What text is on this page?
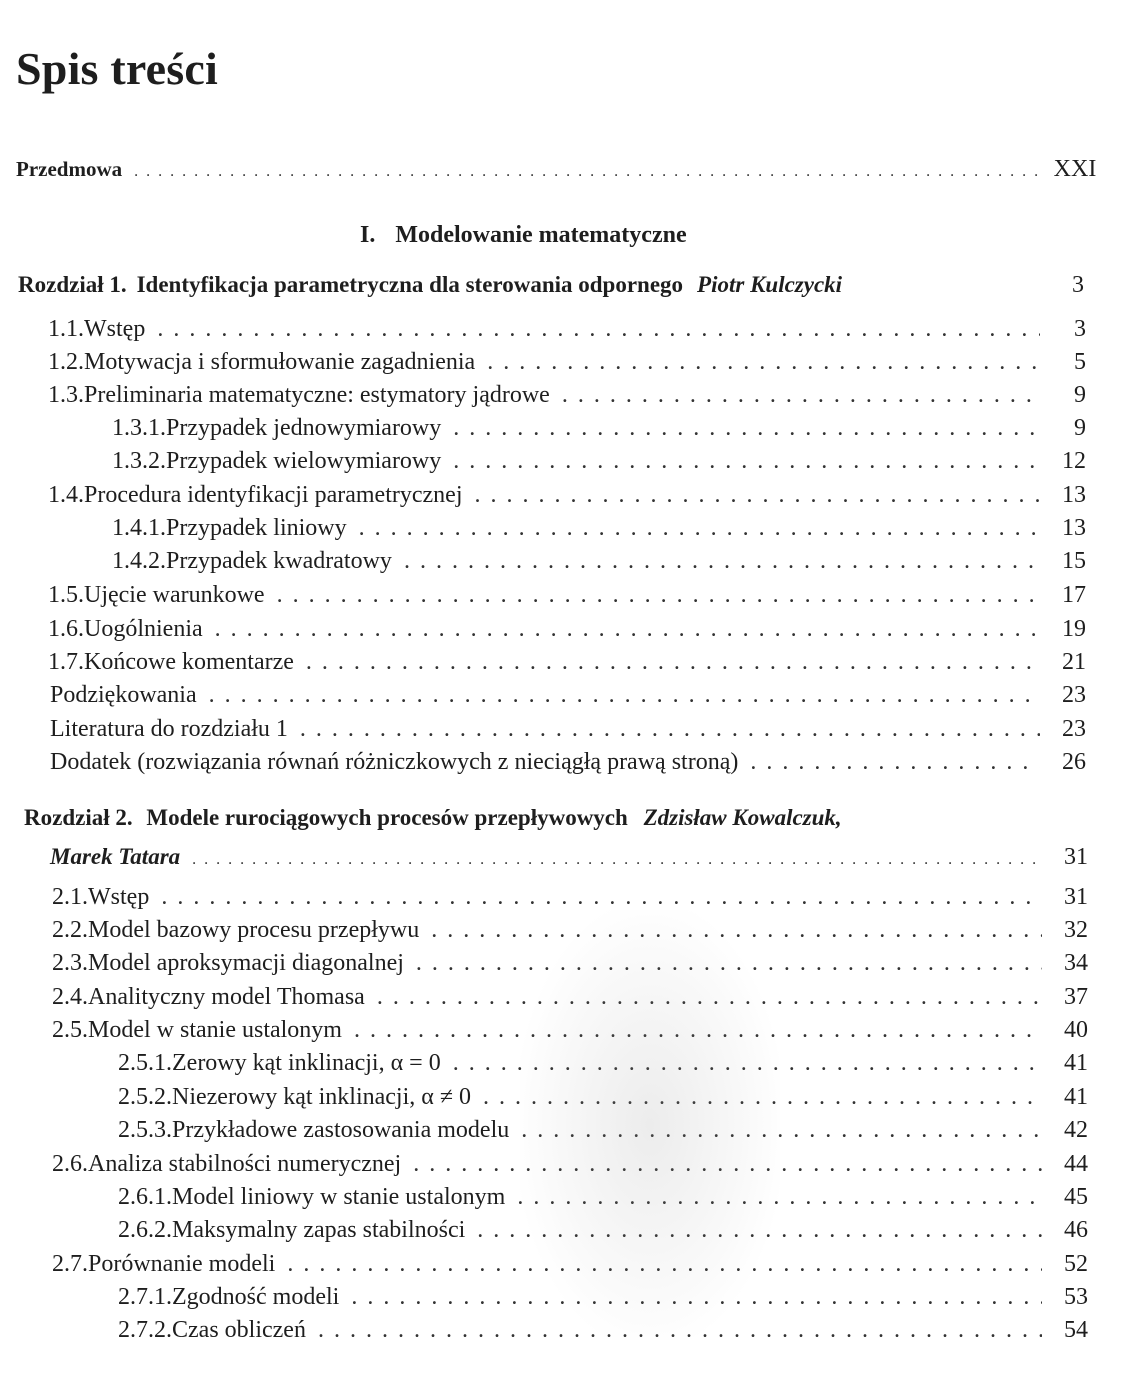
Spis treści
Przedmowa . . .	XXI
I. Modelowanie matematyczne
Rozdział 1. Identyfikacja parametryczna dla sterowania odpornego Piotr Kulczycki	3
1.1. Wstęp . . .	3
1.2. Motywacja i sformułowanie zagadnienia . . .	5
1.3. Preliminaria matematyczne: estymatory jądrowe . . .	9
1.3.1. Przypadek jednowymiarowy . . .	9
1.3.2. Przypadek wielowymiarowy . . .	12
1.4. Procedura identyfikacji parametrycznej . . .	13
1.4.1. Przypadek liniowy . . .	13
1.4.2. Przypadek kwadratowy . . .	15
1.5. Ujęcie warunkowe . . .	17
1.6. Uogólnienia . . .	19
1.7. Końcowe komentarze . . .	21
Podziękowania . . .	23
Literatura do rozdziału 1 . . .	23
Dodatek (rozwiązania równań różniczkowych z nieciągłą prawą stroną) . . .	26
Rozdział 2. Modele rurociągowych procesów przepływowych Zdzisław Kowalczuk,
Marek Tatara . . .	31
2.1. Wstęp . . .	31
2.2. Model bazowy procesu przepływu . . .	32
2.3. Model aproksymacji diagonalnej . . .	34
2.4. Analityczny model Thomasa . . .	37
2.5. Model w stanie ustalonym . . .	40
2.5.1. Zerowy kąt inklinacji, α = 0 . . .	41
2.5.2. Niezerowy kąt inklinacji, α ≠ 0 . . .	41
2.5.3. Przykładowe zastosowania modelu . . .	42
2.6. Analiza stabilności numerycznej . . .	44
2.6.1. Model liniowy w stanie ustalonym . . .	45
2.6.2. Maksymalny zapas stabilności . . .	46
2.7. Porównanie modeli . . .	52
2.7.1. Zgodność modeli . . .	53
2.7.2. Czas obliczeń . . .	54
